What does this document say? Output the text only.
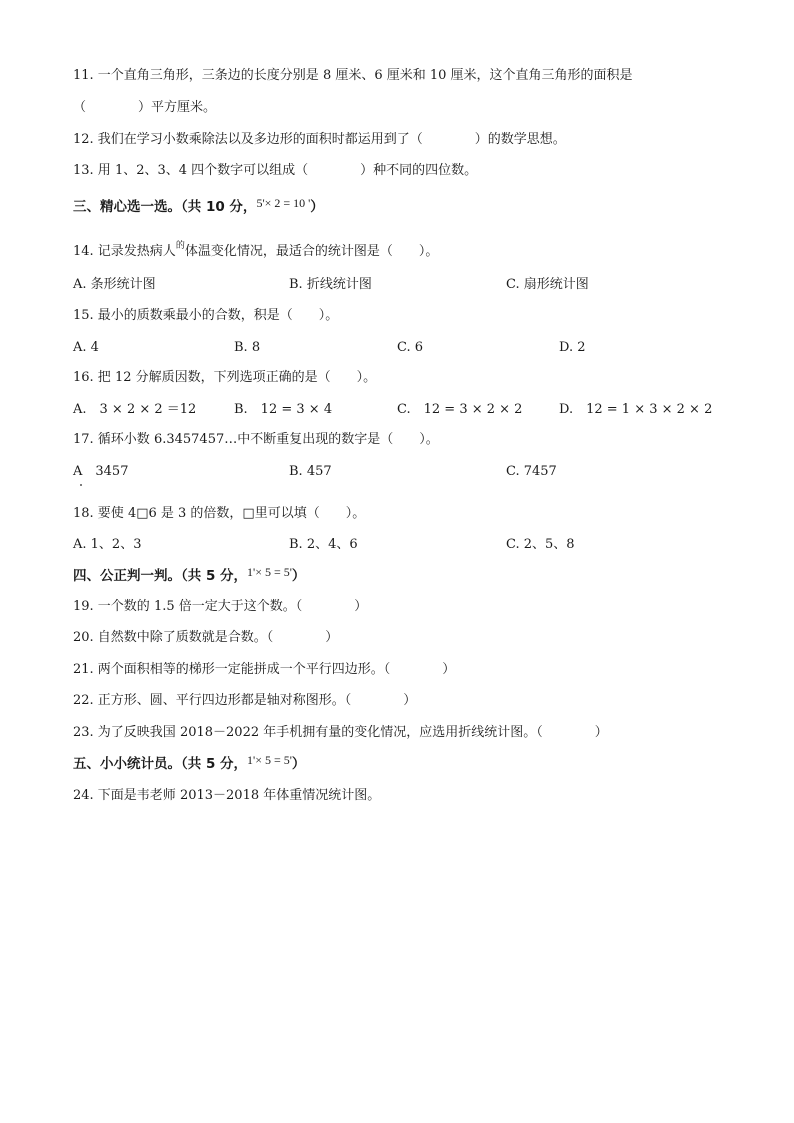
11. 一个直角三角形，三条边的长度分别是 8 厘米、6 厘米和 10 厘米，这个直角三角形的面积是
（　　　　）平方厘米。
12. 我们在学习小数乘除法以及多边形的面积时都运用到了（　　　　）的数学思想。
13. 用 1、2、3、4 四个数字可以组成（　　　　）种不同的四位数。
三、精心选一选。（共 10 分，5'× 2 = 10 '）
14. 记录发热病人$^的$体温变化情况，最适合的统计图是（　　）。
A. 条形统计图	B. 折线统计图	C. 扇形统计图
15. 最小的质数乘最小的合数，积是（　　）。
A. 4	B. 8	C. 6	D. 2
16. 把 12 分解质因数，下列选项正确的是（　　）。
A.　3 × 2 × 2 ＝12	B.　12 = 3 × 4	C.　12 = 3 × 2 × 2	D.　12 = 1 × 3 × 2 × 2
17. 循环小数 6.3457457…中不断重复出现的数字是（　　）。
A　3457	B. 457	C. 7457
18. 要使 4□6 是 3 的倍数，□里可以填（　　）。
A. 1、2、3	B. 2、4、6	C. 2、5、8
四、公正判一判。（共 5 分，1'× 5 = 5'）
19. 一个数的 1.5 倍一定大于这个数。（　　　　）
20. 自然数中除了质数就是合数。（　　　　）
21. 两个面积相等的梯形一定能拼成一个平行四边形。（　　　　）
22. 正方形、圆、平行四边形都是轴对称图形。（　　　　）
23. 为了反映我国 2018－2022 年手机拥有量的变化情况，应选用折线统计图。（　　　　）
五、小小统计员。（共 5 分，1'× 5 = 5'）
24. 下面是韦老师 2013－2018 年体重情况统计图。
